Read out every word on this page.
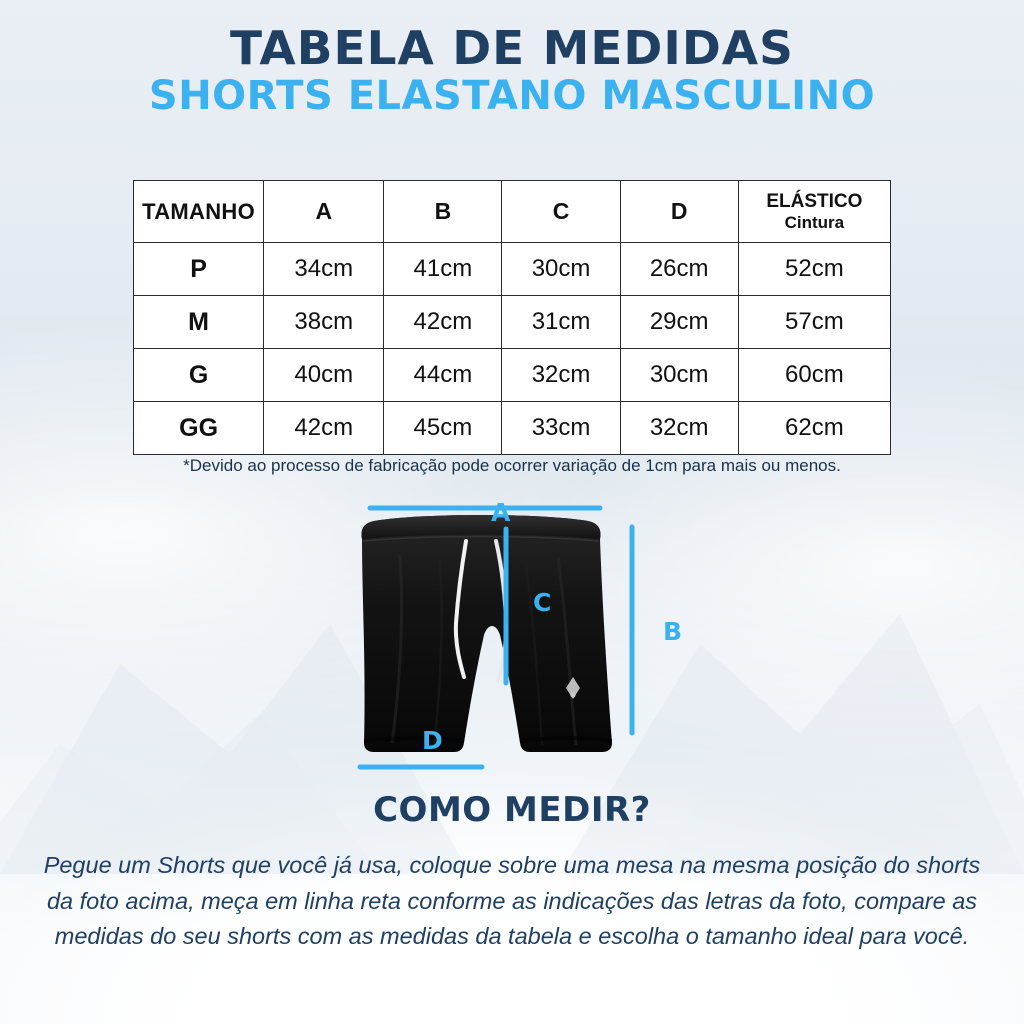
TABELA DE MEDIDAS
SHORTS ELASTANO MASCULINO
TAMANHO	A	B	C	D	ELÁSTICO
Cintura

P	34cm	41cm	30cm	26cm	52cm
M	38cm	42cm	31cm	29cm	57cm
G	40cm	44cm	32cm	30cm	60cm
GG	42cm	45cm	33cm	32cm	62cm
*Devido ao processo de fabricação pode ocorrer variação de 1cm para mais ou menos.
A
B
C
D
COMO MEDIR?
Pegue um Shorts que você já usa, coloque sobre uma mesa na mesma posição do shorts da foto acima, meça em linha reta conforme as indicações das letras da foto, compare as medidas do seu shorts com as medidas da tabela e escolha o tamanho ideal para você.
